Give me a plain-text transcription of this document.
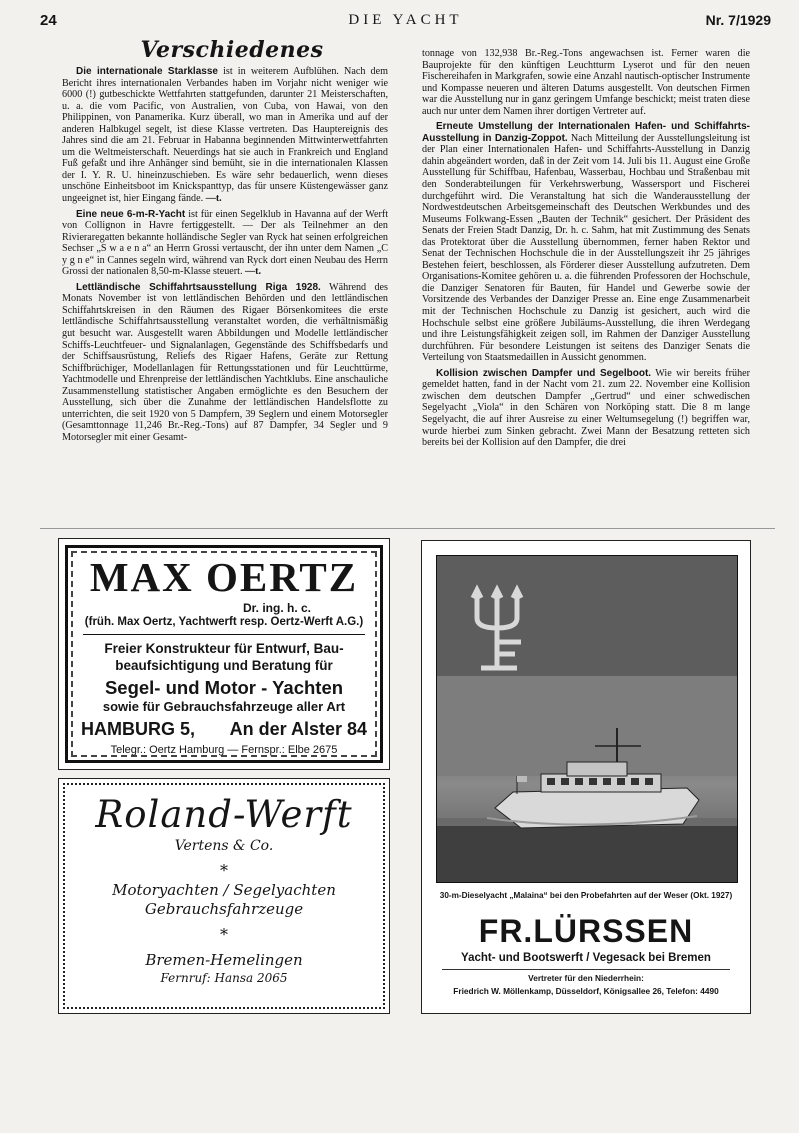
24	DIE YACHT	Nr. 7/1929

Verschiedenes

Die internationale Starklasse ist in weiterem Aufblühen. Nach dem Bericht ihres internationalen Verbandes haben im Vorjahr nicht weniger wie 6000 (!) gutbeschickte Wettfahrten stattgefunden, darunter 21 Meisterschaften, u. a. die vom Pacific, von Australien, von Cuba, von Hawai, von den Philippinen, von Panamerika. Kurz überall, wo man in Amerika und auf der anderen Halbkugel segelt, ist diese Klasse vertreten. Das Hauptereignis des Jahres sind die am 21. Februar in Habanna beginnenden Mittwinterwettfahrten um die Weltmeisterschaft. Neuerdings hat sie auch in Frankreich und England Fuß gefaßt und ihre Anhänger sind bemüht, sie in die internationalen Klassen der I. Y. R. U. hineinzuschieben. Es wäre sehr bedauerlich, wenn dieses unschöne Einheitsboot im Knickspanttyp, das für unsere Küstengewässer ganz ungeeignet ist, hier Eingang fände. —t.

Eine neue 6-m-R-Yacht ist für einen Segelklub in Havanna auf der Werft von Collignon in Havre fertiggestellt. — Der als Teilnehmer an den Rivieraregatten bekannte holländische Segler van Ryck hat seinen erfolgreichen Sechser „S w a e n a“ an Herrn Grossi vertauscht, der ihn unter dem Namen „C y g n e“ in Cannes segeln wird, während van Ryck dort einen Neubau des Herrn Grossi der nationalen 8,50-m-Klasse steuert. —t.

Lettländische Schiffahrtsausstellung Riga 1928. Während des Monats November ist von lettländischen Behörden und den lettländischen Schiffahrtskreisen in den Räumen des Rigaer Börsenkomitees die erste lettländische Schiffahrtsausstellung veranstaltet worden, die verhältnismäßig gut besucht war. Ausgestellt waren Abbildungen und Modelle lettländischer Schiffs-Leuchtfeuer- und Signalanlagen, Gegenstände des Schiffsbedarfs und der Schiffsausrüstung, Reliefs des Rigaer Hafens, Geräte zur Rettung Schiffbrüchiger, Modellanlagen für Rettungsstationen und für Leuchttürme, Yachtmodelle und Ehrenpreise der lettländischen Yachtklubs. Eine anschauliche Zusammenstellung statistischer Angaben ermöglichte es den Besuchern der Ausstellung, sich über die Zunahme der lettländischen Handelsflotte zu unterrichten, die seit 1920 von 5 Dampfern, 39 Seglern und einem Motorsegler (Gesamttonnage 11,246 Br.-Reg.-Tons) auf 87 Dampfer, 34 Segler und 9 Motorsegler mit einer Gesamt-

tonnage von 132,938 Br.-Reg.-Tons angewachsen ist. Ferner waren die Bauprojekte für den künftigen Leuchtturm Lyserot und für den neuen Fischereihafen in Markgrafen, sowie eine Anzahl nautisch-optischer Instrumente und Kompasse neueren und älteren Datums ausgestellt. Von deutschen Firmen war die Ausstellung nur in ganz geringem Umfange beschickt; meist traten diese auch nur unter dem Namen ihrer dortigen Vertreter auf.

Erneute Umstellung der Internationalen Hafen- und Schiffahrts-Ausstellung in Danzig-Zoppot. Nach Mitteilung der Ausstellungsleitung ist der Plan einer Internationalen Hafen- und Schiffahrts-Ausstellung in Danzig dahin abgeändert worden, daß in der Zeit vom 14. Juli bis 11. August eine Große Ausstellung für Schiffbau, Hafenbau, Wasserbau, Hochbau und Straßenbau mit den Sonderabteilungen für Verkehrswerbung, Wassersport und Fischerei durchgeführt wird. Die Veranstaltung hat sich die Wanderausstellung der Nordwestdeutschen Arbeitsgemeinschaft des Deutschen Werkbundes und des Museums Folkwang-Essen „Bauten der Technik“ gesichert. Der Präsident des Senats der Freien Stadt Danzig, Dr. h. c. Sahm, hat mit Zustimmung des Senats das Protektorat über die Ausstellung übernommen, ferner haben Rektor und Senat der Technischen Hochschule die in der Ausstellungszeit ihr 25 jähriges Bestehen feiert, beschlossen, als Förderer dieser Ausstellung aufzutreten. Dem Organisations-Komitee gehören u. a. die führenden Professoren der Hochschule, die Danziger Senatoren für Bauten, für Handel und Gewerbe sowie der Vorsitzende des Verbandes der Danziger Presse an. Eine enge Zusammenarbeit mit der Technischen Hochschule zu Danzig ist gesichert, auch wird die Hochschule selbst eine größere Jubiläums-Ausstellung, die ihren Werdegang und ihre Leistungsfähigkeit zeigen soll, im Rahmen der Danziger Ausstellung durchführen. Für besondere Leistungen ist seitens des Danziger Senats die Verteilung von Staatsmedaillen in Aussicht genommen.

Kollision zwischen Dampfer und Segelboot. Wie wir bereits früher gemeldet hatten, fand in der Nacht vom 21. zum 22. November eine Kollision zwischen dem deutschen Dampfer „Gertrud“ und einer schwedischen Segelyacht „Viola“ in den Schären von Norköping statt. Die 8 m lange Segelyacht, die auf ihrer Ausreise zu einer Weltumsegelung (!) begriffen war, wurde hierbei zum Sinken gebracht. Zwei Mann der Besatzung retteten sich bereits bei der Kollision auf den Dampfer, die drei

MAX OERTZ
Dr. ing. h. c.
(früh. Max Oertz, Yachtwerft resp. Oertz-Werft A.G.)
Freier Konstrukteur für Entwurf, Bau-
beaufsichtigung und Beratung für
Segel- und Motor - Yachten
sowie für Gebrauchsfahrzeuge aller Art
HAMBURG 5, An der Alster 84
Telegr.: Oertz Hamburg — Fernspr.: Elbe 2675
Roland-Werft
Vertens & Co.
*
Motoryachten / Segelyachten
Gebrauchsfahrzeuge
*
Bremen-Hemelingen
Fernruf: Hansa 2065
30-m-Dieselyacht „Malaina“ bei den Probefahrten auf der Weser (Okt. 1927)
FR.LÜRSSEN
Yacht- und Bootswerft / Vegesack bei Bremen
Vertreter für den Niederrhein:
Friedrich W. Möllenkamp, Düsseldorf, Königsallee 26, Telefon: 4490
